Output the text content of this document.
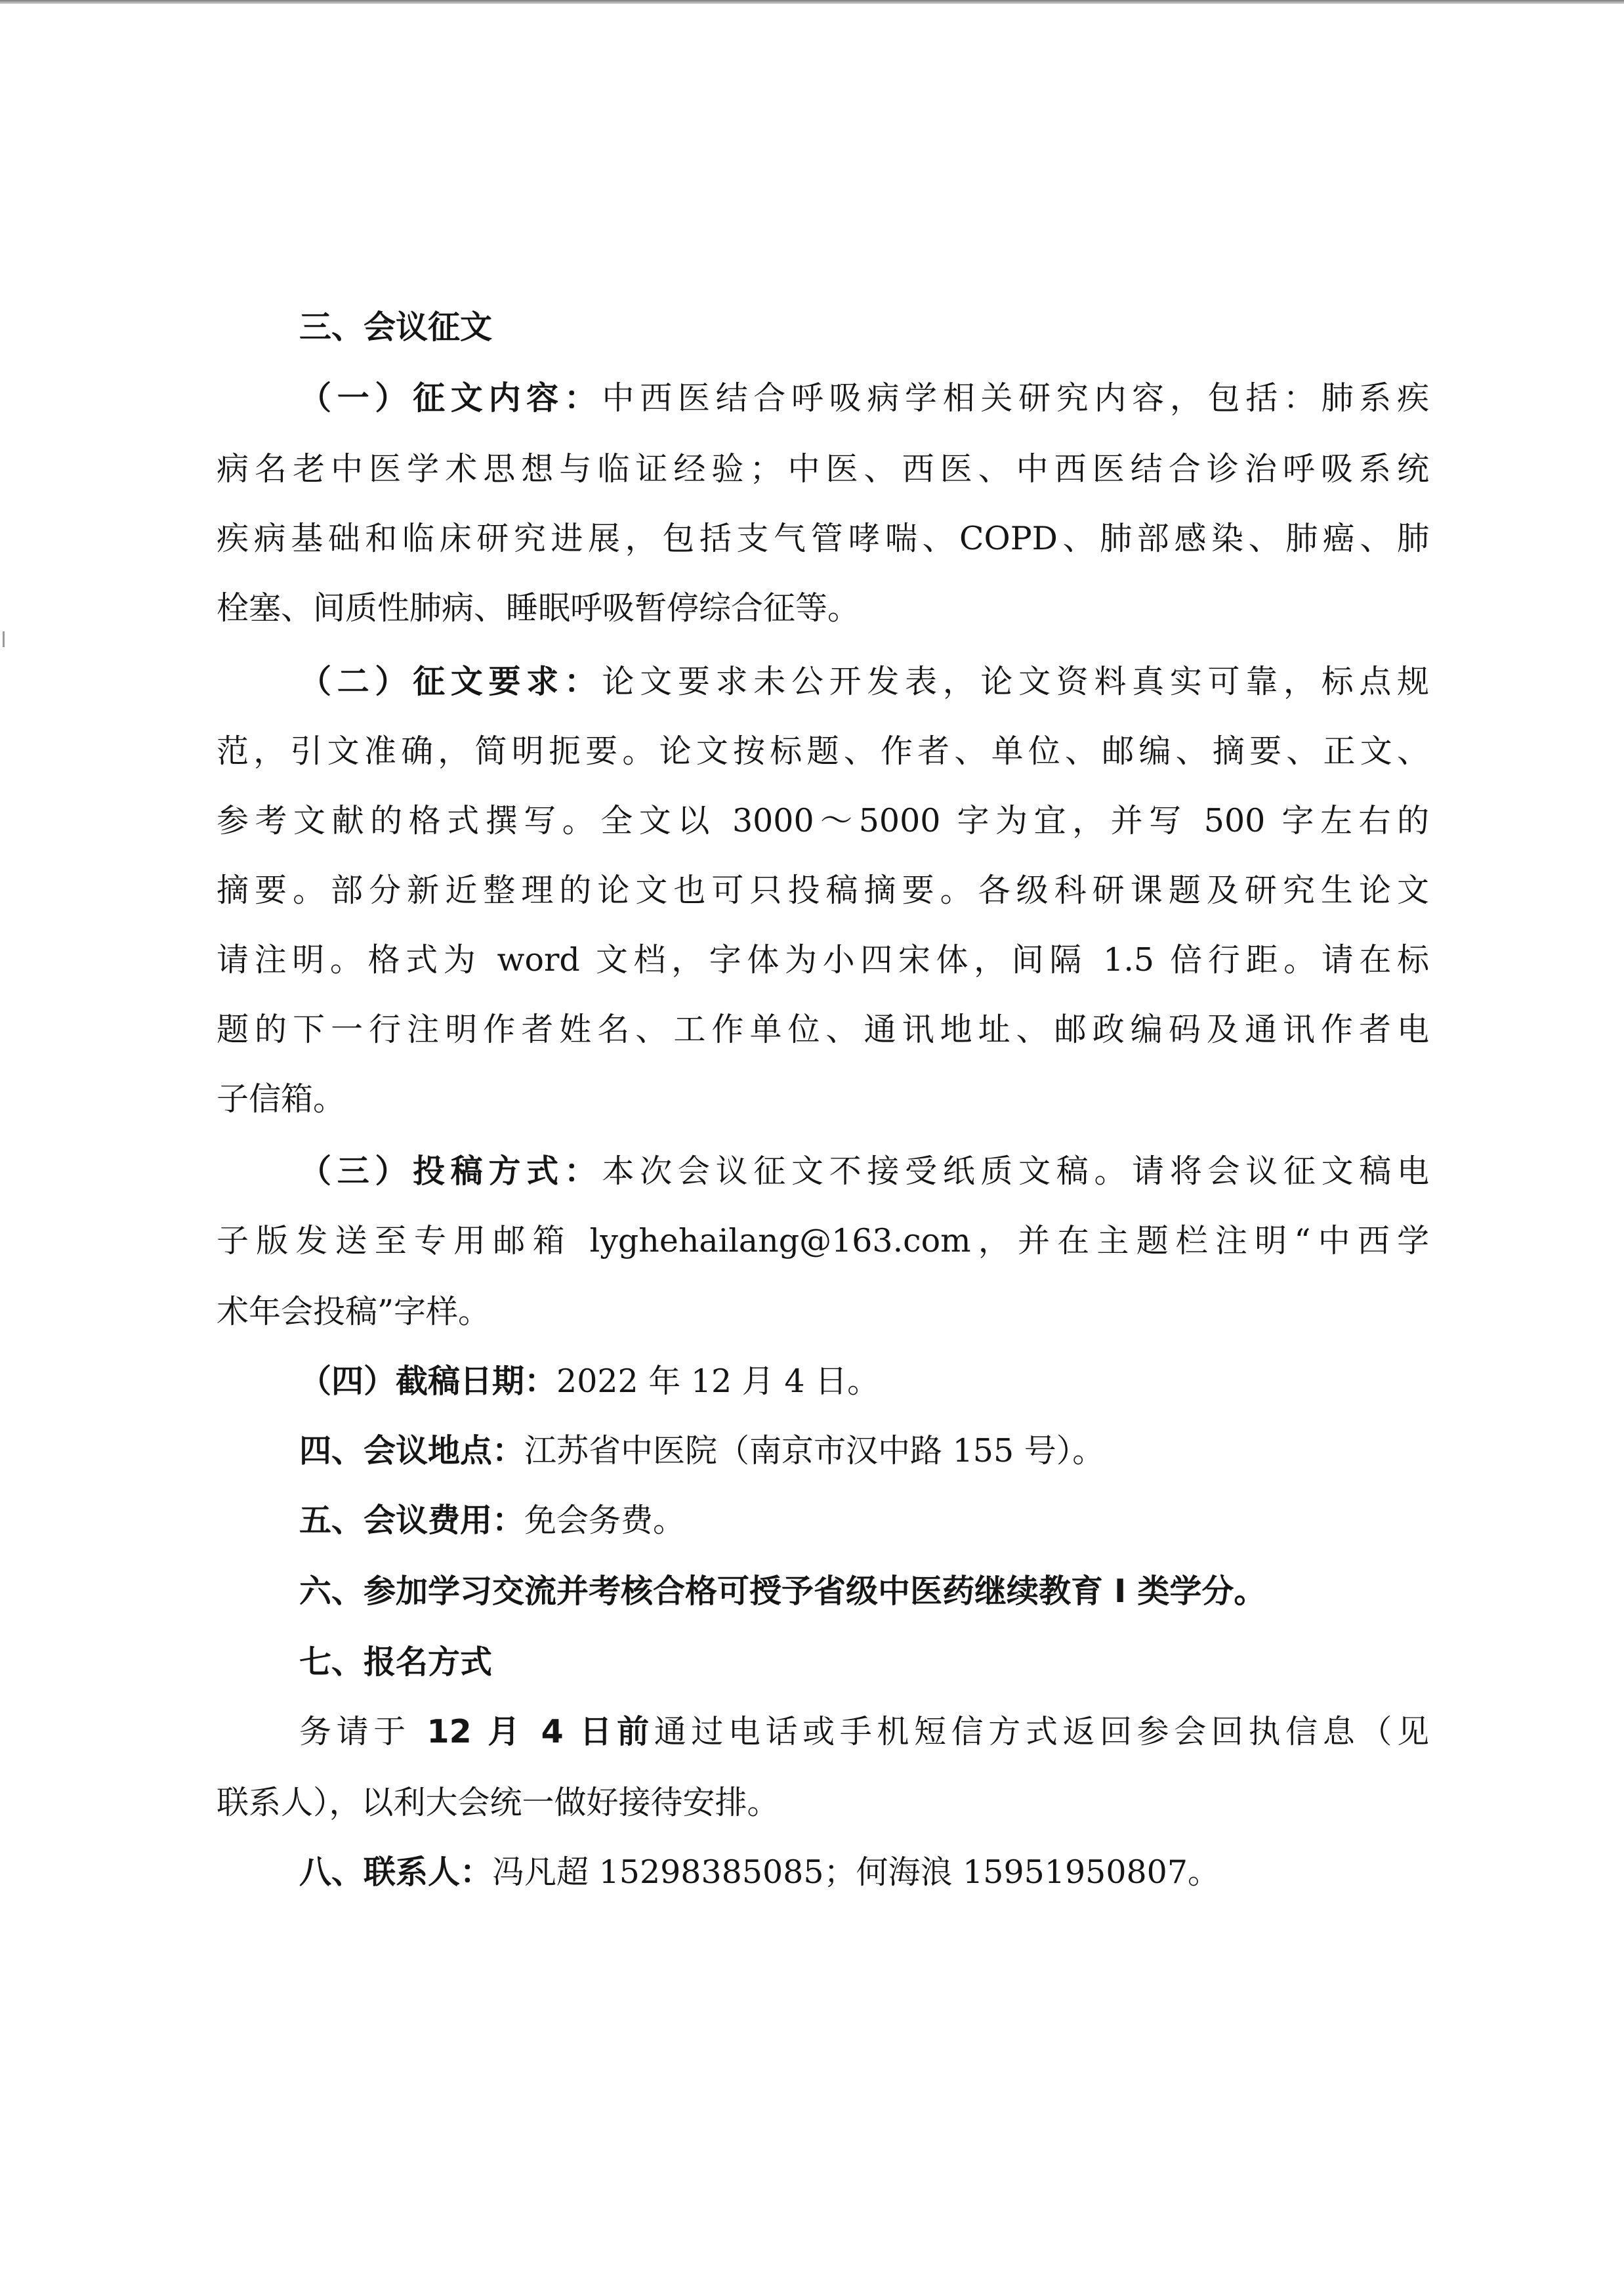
三、会议征文
（一）征文内容：中西医结合呼吸病学相关研究内容，包括：肺系疾
病名老中医学术思想与临证经验；中医、西医、中西医结合诊治呼吸系统
疾病基础和临床研究进展，包括支气管哮喘、COPD、肺部感染、肺癌、肺
栓塞、间质性肺病、睡眠呼吸暂停综合征等。
（二）征文要求：论文要求未公开发表，论文资料真实可靠，标点规
范，引文准确，简明扼要。论文按标题、作者、单位、邮编、摘要、正文、
参考文献的格式撰写。全文以 3000～5000 字为宜，并写 500 字左右的
摘要。部分新近整理的论文也可只投稿摘要。各级科研课题及研究生论文
请注明。格式为 word 文档，字体为小四宋体，间隔 1.5 倍行距。请在标
题的下一行注明作者姓名、工作单位、通讯地址、邮政编码及通讯作者电
子信箱。
（三）投稿方式：本次会议征文不接受纸质文稿。请将会议征文稿电
子版发送至专用邮箱 lyghehailang@163.com，并在主题栏注明“中西学
术年会投稿”字样。
（四）截稿日期：2022 年 12 月 4 日。
四、会议地点：江苏省中医院（南京市汉中路 155 号）。
五、会议费用：免会务费。
六、参加学习交流并考核合格可授予省级中医药继续教育 I 类学分。
七、报名方式
务请于 12 月 4 日前通过电话或手机短信方式返回参会回执信息（见
联系人），以利大会统一做好接待安排。
八、联系人：冯凡超 15298385085；何海浪 15951950807。
